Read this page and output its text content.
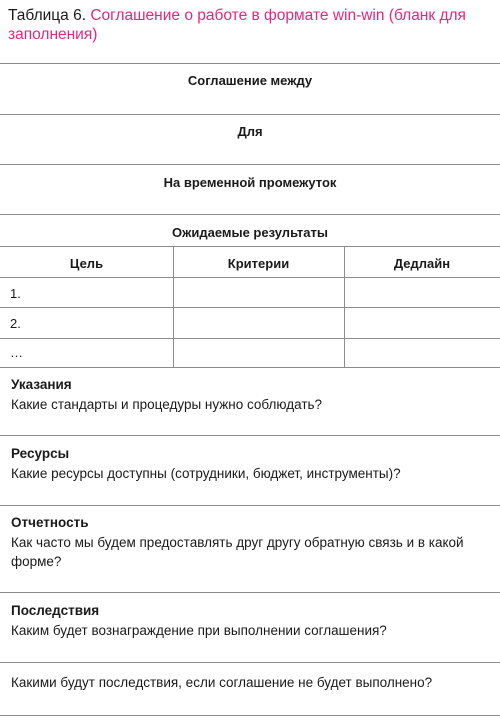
Таблица 6. Соглашение о работе в формате win-win (бланк для заполнения)
Соглашение между
Для
На временной промежуток
Ожидаемые результаты
Цель	Критерии	Дедлайн
1.
2.
…
Указания
Какие стандарты и процедуры нужно соблюдать?
Ресурсы
Какие ресурсы доступны (сотрудники, бюджет, инструменты)?
Отчетность
Как часто мы будем предоставлять друг другу обратную связь и в какой форме?
Последствия
Каким будет вознаграждение при выполнении соглашения?
Какими будут последствия, если соглашение не будет выполнено?
